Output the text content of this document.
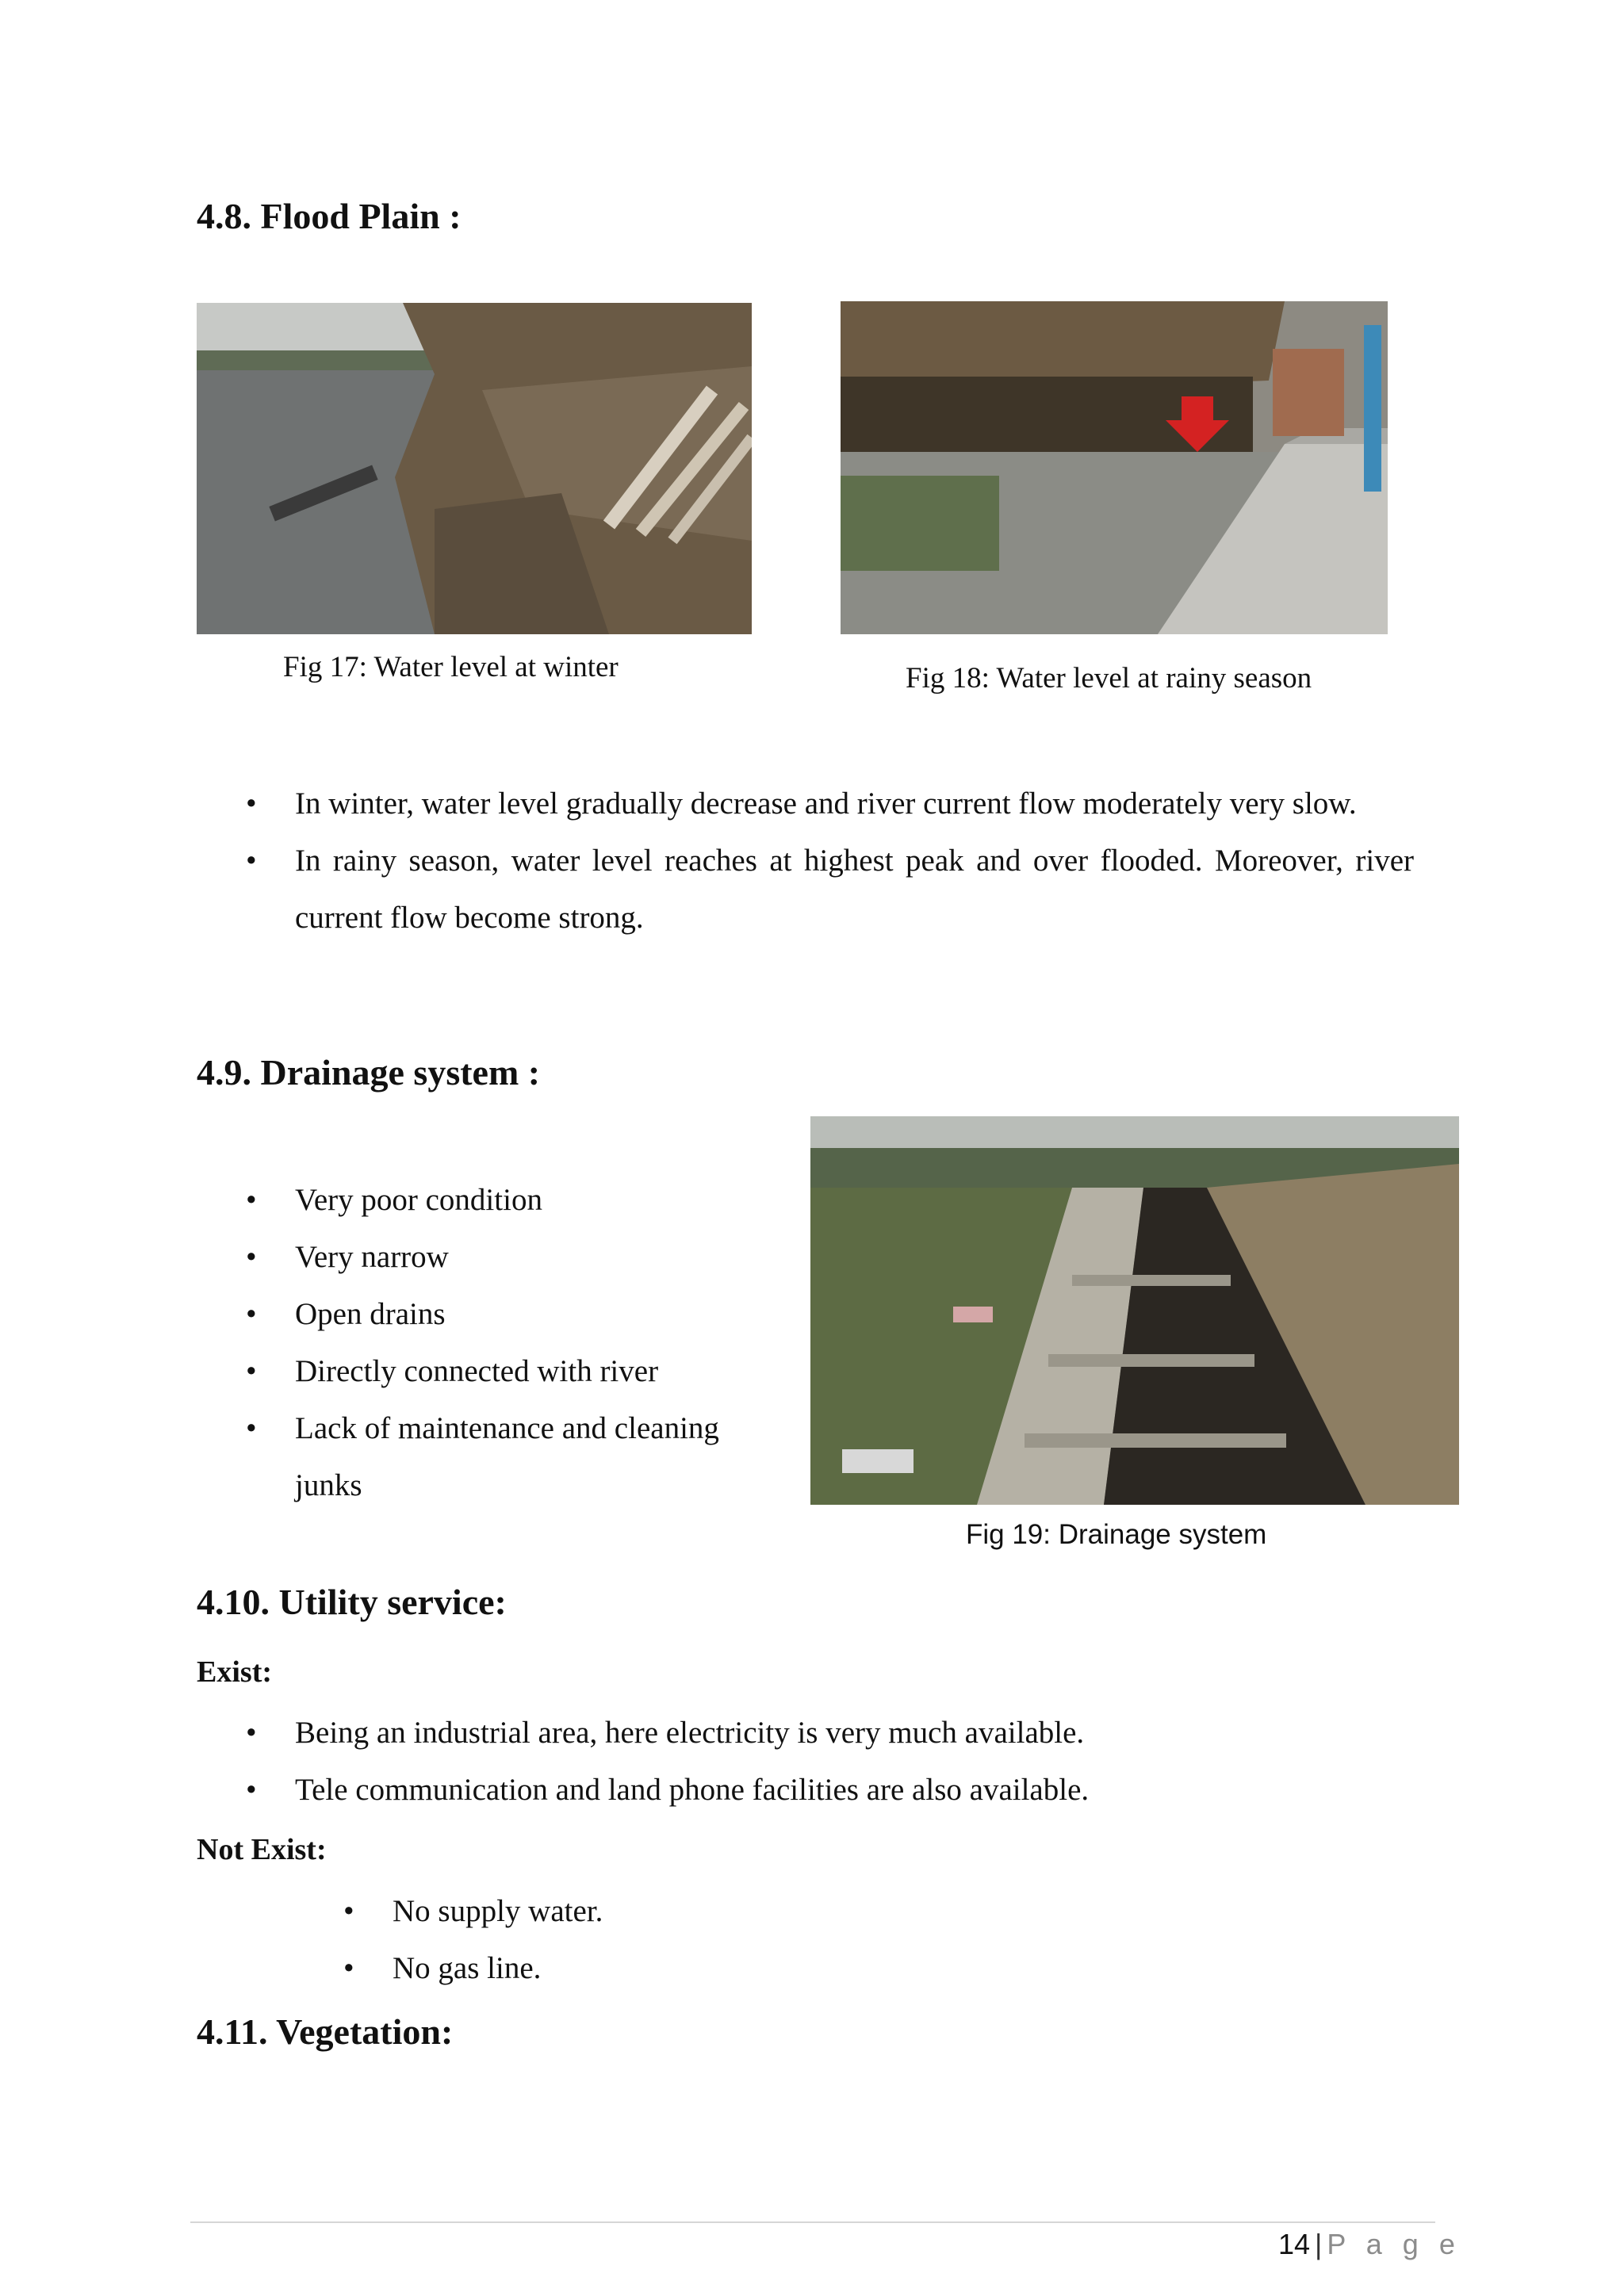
4.8. Flood Plain :
Fig 17: Water level at winter	Fig 18: Water level at rainy season
• In winter, water level gradually decrease and river current flow moderately very slow.
• In rainy season, water level reaches at highest peak and over flooded. Moreover, river current flow become strong.
4.9. Drainage system :
• Very poor condition
• Very narrow
• Open drains
• Directly connected with river
• Lack of maintenance and cleaning junks
Fig 19: Drainage system
4.10. Utility service:
Exist:
• Being an industrial area, here electricity is very much available.
• Tele communication and land phone facilities are also available.
Not Exist:
• No supply water.
• No gas line.
4.11. Vegetation:
14 | P a g e
